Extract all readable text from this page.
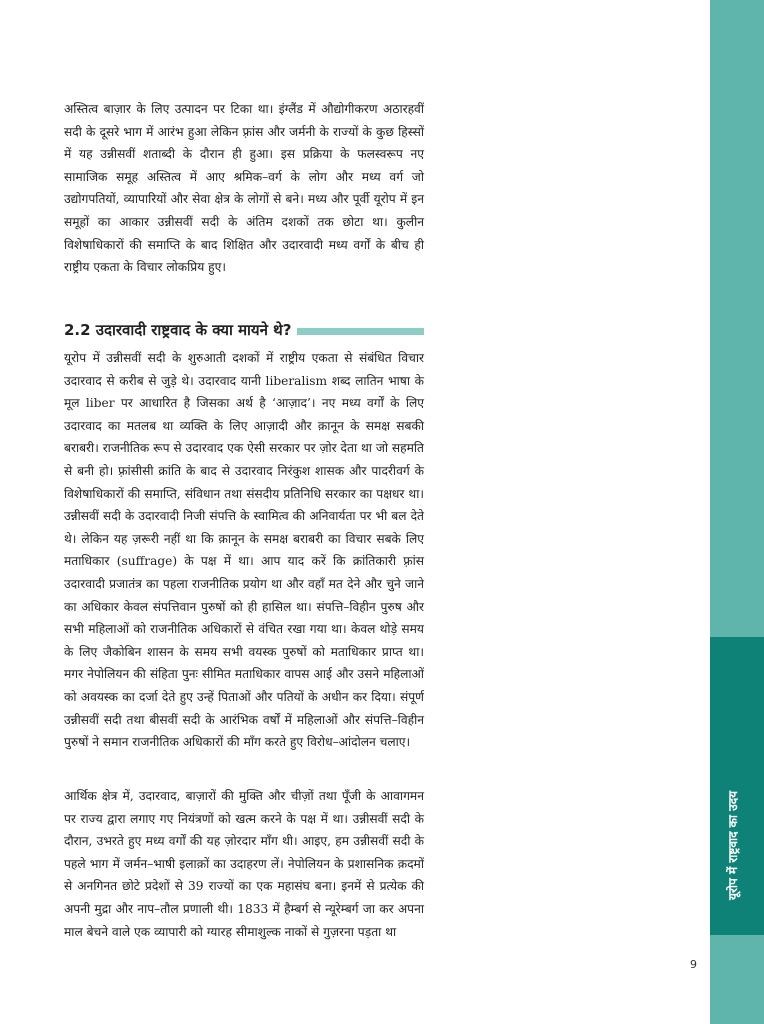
यूरोप में राष्ट्रवाद का उदय

अस्तित्व बाज़ार के लिए उत्पादन पर टिका था। इंग्लैंड में औद्योगीकरण अठारहवीं सदी के दूसरे भाग में आरंभ हुआ लेकिन फ़्रांस और जर्मनी के राज्यों के कुछ हिस्सों में यह उन्नीसवीं शताब्दी के दौरान ही हुआ। इस प्रक्रिया के फलस्वरूप नए सामाजिक समूह अस्तित्व में आए श्रमिक–वर्ग के लोग और मध्य वर्ग जो उद्योगपतियों, व्यापारियों और सेवा क्षेत्र के लोगों से बने। मध्य और पूर्वी यूरोप में इन समूहों का आकार उन्नीसवीं सदी के अंतिम दशकों तक छोटा था। कुलीन विशेषाधिकारों की समाप्ति के बाद शिक्षित और उदारवादी मध्य वर्गों के बीच ही राष्ट्रीय एकता के विचार लोकप्रिय हुए।

2.2 उदारवादी राष्ट्रवाद के क्या मायने थे?

यूरोप में उन्नीसवीं सदी के शुरुआती दशकों में राष्ट्रीय एकता से संबंधित विचार उदारवाद से करीब से जुड़े थे। उदारवाद यानी liberalism शब्द लातिन भाषा के मूल liber पर आधारित है जिसका अर्थ है ‘आज़ाद’। नए मध्य वर्गों के लिए उदारवाद का मतलब था व्यक्ति के लिए आज़ादी और क़ानून के समक्ष सबकी बराबरी। राजनीतिक रूप से उदारवाद एक ऐसी सरकार पर ज़ोर देता था जो सहमति से बनी हो। फ़्रांसीसी क्रांति के बाद से उदारवाद निरंकुश शासक और पादरीवर्ग के विशेषाधिकारों की समाप्ति, संविधान तथा संसदीय प्रतिनिधि सरकार का पक्षधर था। उन्नीसवीं सदी के उदारवादी निजी संपत्ति के स्वामित्व की अनिवार्यता पर भी बल देते थे। लेकिन यह ज़रूरी नहीं था कि क़ानून के समक्ष बराबरी का विचार सबके लिए मताधिकार (suffrage) के पक्ष में था। आप याद करें कि क्रांतिकारी फ़्रांस उदारवादी प्रजातंत्र का पहला राजनीतिक प्रयोग था और वहाँ मत देने और चुने जाने का अधिकार केवल संपत्तिवान पुरुषों को ही हासिल था। संपत्ति–विहीन पुरुष और सभी महिलाओं को राजनीतिक अधिकारों से वंचित रखा गया था। केवल थोड़े समय के लिए जैकोबिन शासन के समय सभी वयस्क पुरुषों को मताधिकार प्राप्त था। मगर नेपोलियन की संहिता पुनः सीमित मताधिकार वापस आई और उसने महिलाओं को अवयस्क का दर्जा देते हुए उन्हें पिताओं और पतियों के अधीन कर दिया। संपूर्ण उन्नीसवीं सदी तथा बीसवीं सदी के आरंभिक वर्षों में महिलाओं और संपत्ति–विहीन पुरुषों ने समान राजनीतिक अधिकारों की माँग करते हुए विरोध–आंदोलन चलाए।

आर्थिक क्षेत्र में, उदारवाद, बाज़ारों की मुक्ति और चीज़ों तथा पूँजी के आवागमन पर राज्य द्वारा लगाए गए नियंत्रणों को खत्म करने के पक्ष में था। उन्नीसवीं सदी के दौरान, उभरते हुए मध्य वर्गों की यह ज़ोरदार माँग थी। आइए, हम उन्नीसवीं सदी के पहले भाग में जर्मन–भाषी इलाक़ों का उदाहरण लें। नेपोलियन के प्रशासनिक क़दमों से अनगिनत छोटे प्रदेशों से 39 राज्यों का एक महासंघ बना। इनमें से प्रत्येक की अपनी मुद्रा और नाप–तौल प्रणाली थी। 1833 में हैम्बर्ग से न्यूरेम्बर्ग जा कर अपना माल बेचने वाले एक व्यापारी को ग्यारह सीमाशुल्क नाकों से गुज़रना पड़ता था

9
